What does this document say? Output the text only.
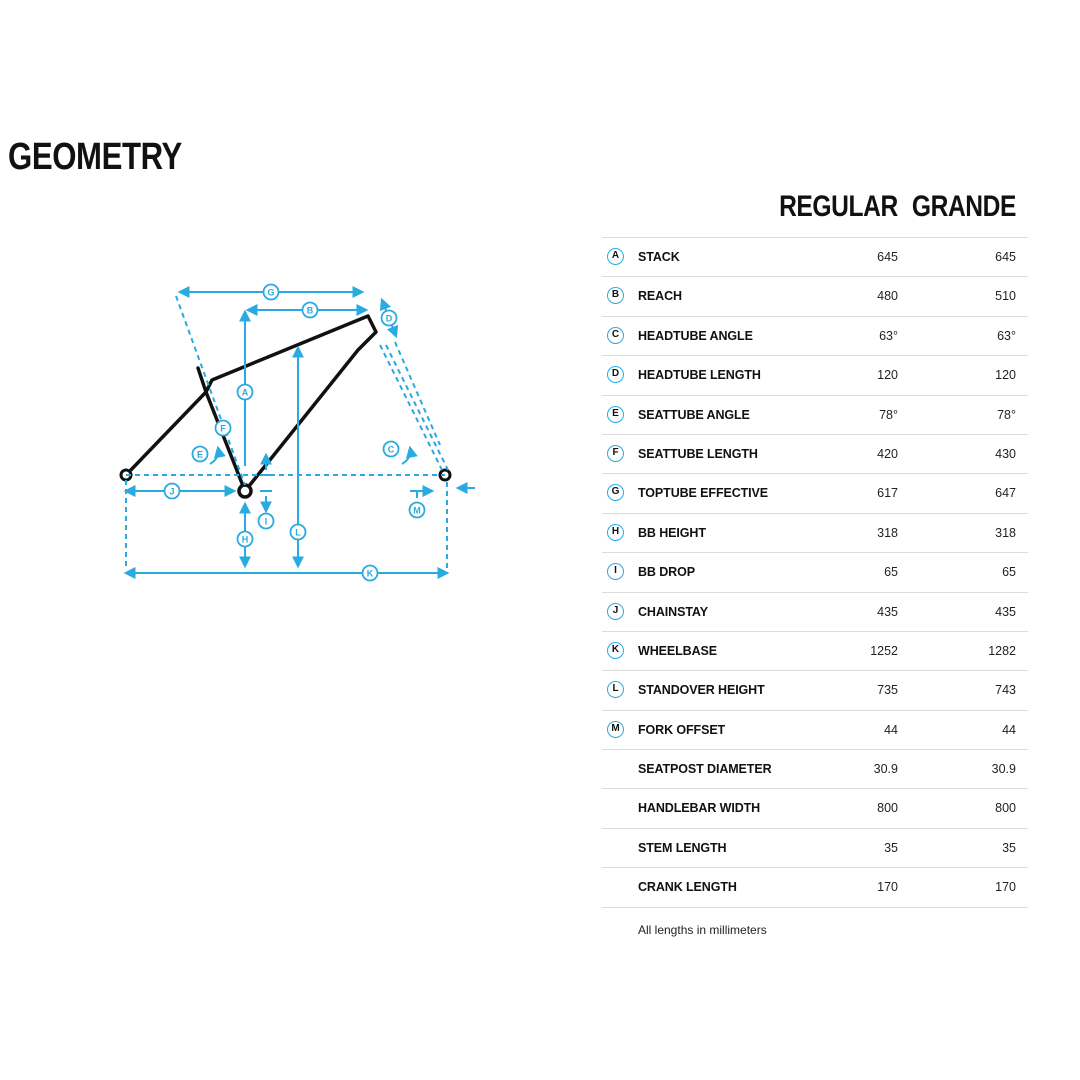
GEOMETRY
G
B
D
A
F
E	C
J
I
M
H
L
K
REGULAR GRANDE
A	STACK	645	645
B	REACH	480	510
C	HEADTUBE ANGLE	63°	63°
D	HEADTUBE LENGTH	120	120
E	SEATTUBE ANGLE	78°	78°
F	SEATTUBE LENGTH	420	430
G	TOPTUBE EFFECTIVE	617	647
H	BB HEIGHT	318	318
I	BB DROP	65	65
J	CHAINSTAY	435	435
K	WHEELBASE	1252	1282
L	STANDOVER HEIGHT	735	743
M	FORK OFFSET	44	44
SEATPOST DIAMETER	30.9	30.9
HANDLEBAR WIDTH	800	800
STEM LENGTH	35	35
CRANK LENGTH	170	170
All lengths in millimeters
